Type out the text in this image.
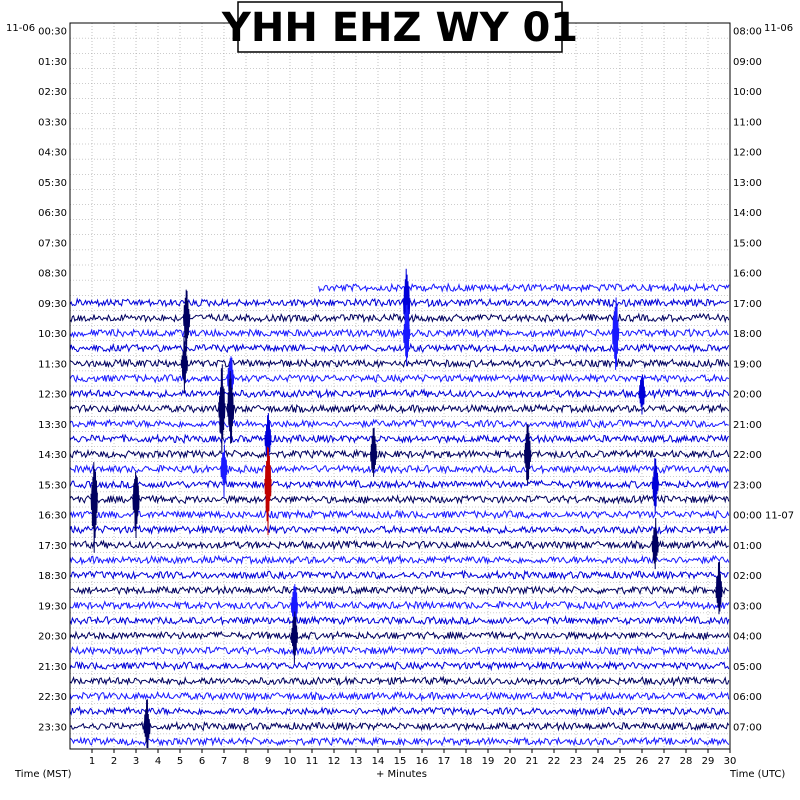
1 2 3 4 5 6 7 8 9 10 11 12 13 14 15 16 17 18 19 20 21 22 23 24 25 26 27 28 29 30
00:30
01:30
02:30
03:30
04:30
05:30
06:30
07:30
08:30
09:30
10:30
11:30
12:30
13:30
14:30
15:30
16:30
17:30
18:30
19:30
20:30
21:30
22:30
23:30
08:00
09:00
10:00
11:00
12:00
13:00
14:00
15:00
16:00
17:00
18:00
19:00
20:00
21:00
22:00
23:00
00:00 11-07
01:00
02:00
03:00
04:00
05:00
06:00
07:00
11-06	11-06
Time (MST)	+ Minutes	Time (UTC)
YHH EHZ WY 01
